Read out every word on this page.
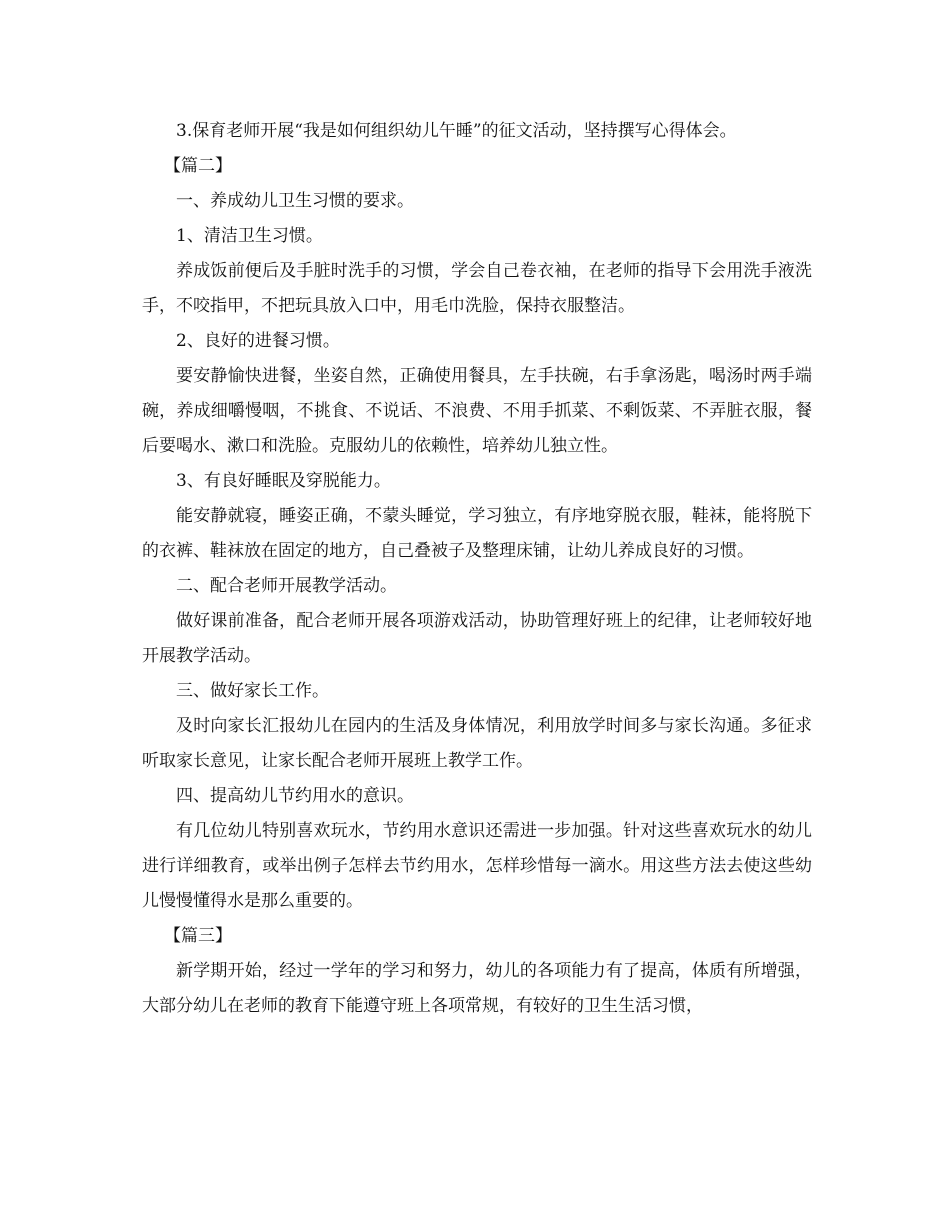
3.保育老师开展“我是如何组织幼儿午睡”的征文活动，坚持撰写心得体会。

【篇二】

一、养成幼儿卫生习惯的要求。

1、清洁卫生习惯。

养成饭前便后及手脏时洗手的习惯，学会自己卷衣袖，在老师的指导下会用洗手液洗手，不咬指甲，不把玩具放入口中，用毛巾洗脸，保持衣服整洁。

2、良好的进餐习惯。

要安静愉快进餐，坐姿自然，正确使用餐具，左手扶碗，右手拿汤匙，喝汤时两手端碗，养成细嚼慢咽，不挑食、不说话、不浪费、不用手抓菜、不剩饭菜、不弄脏衣服，餐后要喝水、漱口和洗脸。克服幼儿的依赖性，培养幼儿独立性。

3、有良好睡眠及穿脱能力。

能安静就寝，睡姿正确，不蒙头睡觉，学习独立，有序地穿脱衣服，鞋袜，能将脱下的衣裤、鞋袜放在固定的地方，自己叠被子及整理床铺，让幼儿养成良好的习惯。

二、配合老师开展教学活动。

做好课前准备，配合老师开展各项游戏活动，协助管理好班上的纪律，让老师较好地开展教学活动。

三、做好家长工作。

及时向家长汇报幼儿在园内的生活及身体情况，利用放学时间多与家长沟通。多征求听取家长意见，让家长配合老师开展班上教学工作。

四、提高幼儿节约用水的意识。

有几位幼儿特别喜欢玩水，节约用水意识还需进一步加强。针对这些喜欢玩水的幼儿进行详细教育，或举出例子怎样去节约用水，怎样珍惜每一滴水。用这些方法去使这些幼儿慢慢懂得水是那么重要的。

【篇三】

新学期开始，经过一学年的学习和努力，幼儿的各项能力有了提高，体质有所增强，大部分幼儿在老师的教育下能遵守班上各项常规，有较好的卫生生活习惯，
